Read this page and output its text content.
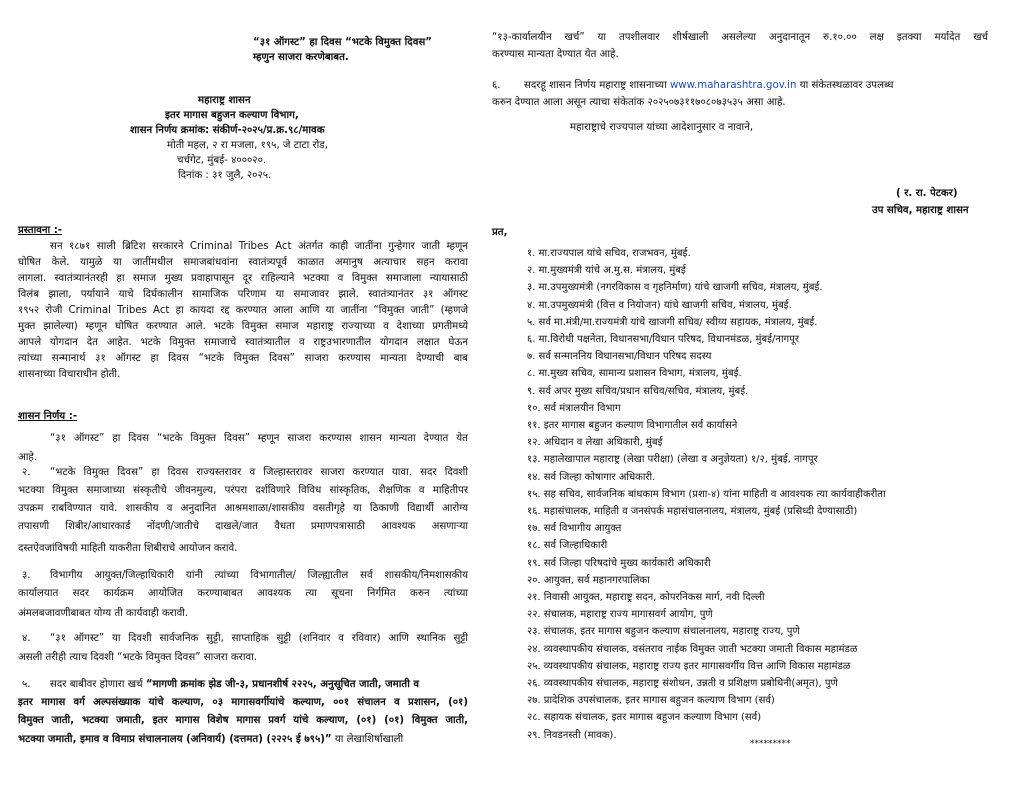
“३१ ऑगस्ट” हा दिवस “भटके विमुक्त दिवस”
म्हणुन साजरा करणेबाबत.
महाराष्ट्र शासन
इतर मागास बहुजन कल्याण विभाग,
शासन निर्णय क्रमांक: संकीर्ण-२०२५/प्र.क्र.९८/मावक
मोती महल, २ रा मजला, १९५, जे टाटा रोड,
चर्चगेट, मुंबई- ४०००२०.
दिनांक : ३१ जुलै, २०२५.
प्रस्तावना :-
सन १८७१ साली ब्रिटिश सरकारने Criminal Tribes Act अंतर्गत काही जातींना गुन्हेगार जाती म्हणून
घोषित केले. यामुळे या जातींमधील समाजबांधवांना स्वातंत्र्यपूर्व काळात अमानुष अत्याचार सहन करावा
लागला. स्वातंत्र्यानंतरही हा समाज मुख्य प्रवाहापासून दूर राहिल्याने भटक्या व विमुक्त समाजाला न्यायासाठी
विलंब झाला, पर्यायाने याचे दिर्घकालीन सामाजिक परिणाम या समाजावर झाले. स्वातंत्र्यानंतर ३१ ऑगस्ट
१९५२ रोजी Criminal Tribes Act हा कायदा रद्द करण्यात आला आणि या जातींना “विमुक्त जाती” (म्हणजे
मुक्त झालेल्या) म्हणून घोषित करण्यात आले. भटके विमुक्त समाज महाराष्ट्र राज्याच्या व देशाच्या प्रगतीमध्ये
आपले योगदान देत आहेत. भटके विमुक्त समाजाचे स्वातंत्र्यातील व राष्ट्रउभारणातील योगदान लक्षात घेऊन
त्यांच्या सन्मानार्थ ३१ ऑगस्ट हा दिवस “भटके विमुक्त दिवस” साजरा करण्यास मान्यता देण्याची बाब
शासनाच्या विचाराधीन होती.
शासन निर्णय :-
“३१ ऑगस्ट” हा दिवस “भटके विमुक्त दिवस” म्हणून साजरा करण्यास शासन मान्यता देण्यात येत
आहे.
२. “भटके विमुक्त दिवस” हा दिवस राज्यस्तरावर व जिल्हास्तरावर साजरा करण्यात यावा. सदर दिवशी
भटक्या विमुक्त समाजाच्या संस्कृतीचे जीवनमुल्य, परंपरा दर्शविणारे विविध सांस्कृतिक, शैक्षणिक व माहितीपर
उपक्रम राबविण्यात यावे. शासकीय व अनुदानित आश्रमशाळा/शासकीय वसतीगृहे या ठिकाणी विद्यार्थी आरोग्य
तपासणी शिबीर/आधारकार्ड नोंदणी/जातीचे दाखले/जात वैधता प्रमाणपत्रासाठी आवश्यक असणाऱ्या
दस्तऐवजांविषयी माहिती याकरीता शिबीराचे आयोजन करावे.
३. विभागीय आयुक्त/जिल्हाधिकारी यांनी त्यांच्या विभागातील/ जिल्ह्यातील सर्व शासकीय/निमशासकीय
कार्यालयात सदर कार्यक्रम आयोजित करण्याबाबत आवश्यक त्या सूचना निर्गमित करुन त्यांच्या
अंमलबजावणीबाबत योग्य ती कार्यवाही करावी.
४. “३१ ऑगस्ट” या दिवशी सार्वजनिक सुट्टी, साप्ताहिक सुट्टी (शनिवार व रविवार) आणि स्थानिक सुट्टी
असली तरीही त्याच दिवशी “भटके विमुक्त दिवस” साजरा करावा.
५. सदर बाबीवर होणारा खर्च “मागणी क्रमांक झेड जी-३, प्रधानशीर्ष २२२५, अनुसूचित जाती, जमाती व
इतर मागास वर्ग अल्पसंख्याक यांचे कल्याण, ०३ मागासवर्गीयांचे कल्याण, ००१ संचालन व प्रशासन, (०१)
विमुक्त जाती, भटक्या जमाती, इतर मागास विशेष मागास प्रवर्ग यांचे कल्याण, (०१) (०१) विमुक्त जाती,
भटक्या जमाती, इमाव व विमाप्र संचालनालय (अनिवार्य) (दत्तमत) (२२२५ ई ७९५)” या लेखाशिर्षाखाली
“१३-कार्यालयीन खर्च” या तपशीलवार शीर्षखाली असलेल्या अनुदानातून रु.१०.०० लक्ष इतक्या मर्यादेत खर्च
करण्यास मान्यता देण्यात येत आहे.
६. सदरहू शासन निर्णय महाराष्ट्र शासनाच्या www.maharashtra.gov.in या संकेतस्थळावर उपलब्ध
करुन देण्यात आला असून त्याचा संकेतांक २०२५०७३११७०८०७३५३५ असा आहे.
महाराष्ट्राचे राज्यपाल यांच्या आदेशानुसार व नावाने,
( र. रा. पेटकर)
उप सचिव, महाराष्ट्र शासन
प्रत,
१. मा.राज्यपाल यांचे सचिव, राजभवन, मुंबई.
२. मा.मुख्यमंत्री यांचे अ.मु.स. मंत्रालय, मुंबई
३. मा.उपमुख्यमंत्री (नगरविकास व गृहनिर्माण) यांचे खाजगी सचिव, मंत्रालय, मुंबई.
४. मा.उपमुख्यमंत्री (वित्त व नियोजन) यांचे खाजगी सचिव, मंत्रालय, मुंबई.
५. सर्व मा.मंत्री/मा.राज्यमंत्री यांचे खाजगी सचिव/ स्वीय्य सहायक, मंत्रालय, मुंबई.
६. मा.विरोधी पक्षनेता, विधानसभा/विधान परिषद, विधानमंडळ, मुंबई/नागपूर
७. सर्व सन्माननिय विधानसभा/विधान परिषद सदस्य
८. मा.मुख्य सचिव, सामान्य प्रशासन विभाग, मंत्रालय, मुंबई.
९. सर्व अपर मुख्य सचिव/प्रधान सचिव/सचिव, मंत्रालय, मुंबई.
१०. सर्व मंत्रालयीन विभाग
११. इतर मागास बहुजन कल्याण विभागातील सर्व कार्यासने
१२. अधिदान व लेखा अधिकारी, मुंबई
१३. महालेखापाल महाराष्ट्र (लेखा परीक्षा) (लेखा व अनुज्ञेयता) १/२, मुंबई, नागपूर
१४. सर्व जिल्हा कोषागार अधिकारी.
१५. सह सचिव, सार्वजनिक बांधकाम विभाग (प्रशा-४) यांना माहिती व आवश्यक त्या कार्यवाहीकरीता
१६. महासंचालक, माहिती व जनसंपर्क महासंचालनालय, मंत्रालय, मुंबई (प्रसिध्दी देण्यासाठी)
१७. सर्व विभागीय आयुक्त
१८. सर्व जिल्हाधिकारी
१९. सर्व जिल्हा परिषदांचे मुख्य कार्यकारी अधिकारी
२०. आयुक्त, सर्व महानगरपालिका
२१. निवासी आयुक्त, महाराष्ट्र सदन, कोपरनिकस मार्ग, नवी दिल्ली
२२. संचालक, महाराष्ट्र राज्य मागासवर्ग आयोग, पुणे
२३. संचालक, इतर मागास बहुजन कल्याण संचालनालय, महाराष्ट्र राज्य, पुणे
२४. व्यवस्थापकीय संचालक, वसंतराव नाईक विमुक्त जाती भटक्या जमाती विकास महामंडळ
२५. व्यवस्थापकीय संचालक, महाराष्ट्र राज्य इतर मागासवर्गीय वित्त आणि विकास महामंडळ
२६. व्यवस्थापकीय संचालक, महाराष्ट्र संशोधन, उन्नती व प्रशिक्षण प्रबोधिनी(अमृत), पुणे
२७. प्रादेशिक उपसंचालक, इतर मागास बहुजन कल्याण विभाग (सर्व)
२८. सहायक संचालक, इतर मागास बहुजन कल्याण विभाग (सर्व)
२९. निवडनस्ती (मावक).
*********
